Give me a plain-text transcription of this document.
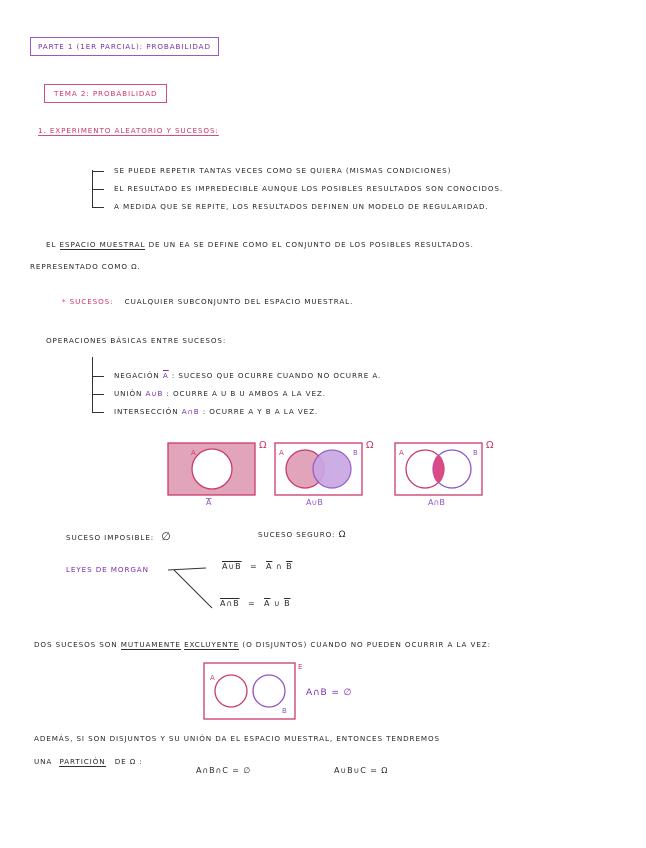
PARTE 1 (1ER PARCIAL): PROBABILIDAD
TEMA 2: PROBABILIDAD
1. EXPERIMENTO ALEATORIO Y SUCESOS:
SE PUEDE REPETIR TANTAS VECES COMO SE QUIERA (MISMAS CONDICIONES)
EL RESULTADO ES IMPREDECIBLE AUNQUE LOS POSIBLES RESULTADOS SON CONOCIDOS.
A MEDIDA QUE SE REPITE, LOS RESULTADOS DEFINEN UN MODELO DE REGULARIDAD.
EL ESPACIO MUESTRAL DE UN EA SE DEFINE COMO EL CONJUNTO DE LOS POSIBLES RESULTADOS.
REPRESENTADO COMO Ω.
* SUCESOS: CUALQUIER SUBCONJUNTO DEL ESPACIO MUESTRAL.
OPERACIONES BÁSICAS ENTRE SUCESOS:
NEGACIÓN $\overline{A}$ : SUCESO QUE OCURRE CUANDO NO OCURRE A.
UNIÓN A∪B : OCURRE A U B U AMBOS A LA VEZ.
INTERSECCIÓN A∩B : OCURRE A Y B A LA VEZ.
A
Ω
A
A	B
Ω
A∪B
A	B
Ω
A∩B
SUCESO IMPOSIBLE: ∅	SUCESO SEGURO: Ω
LEYES DE MORGAN	A∪B = $\overline{A}$ ∩ $\overline{B}$
A∩B = $\overline{A}$ ∪ $\overline{B}$
DOS SUCESOS SON MUTUAMENTE EXCLUYENTE (O DISJUNTOS) CUANDO NO PUEDEN OCURRIR A LA VEZ:
A
B
E
A∩B = ∅
ADEMÁS, SI SON DISJUNTOS Y SU UNIÓN DA EL ESPACIO MUESTRAL, ENTONCES TENDREMOS
UNA PARTICIÓN DE Ω :
A∩B∩C = ∅	A∪B∪C = Ω
